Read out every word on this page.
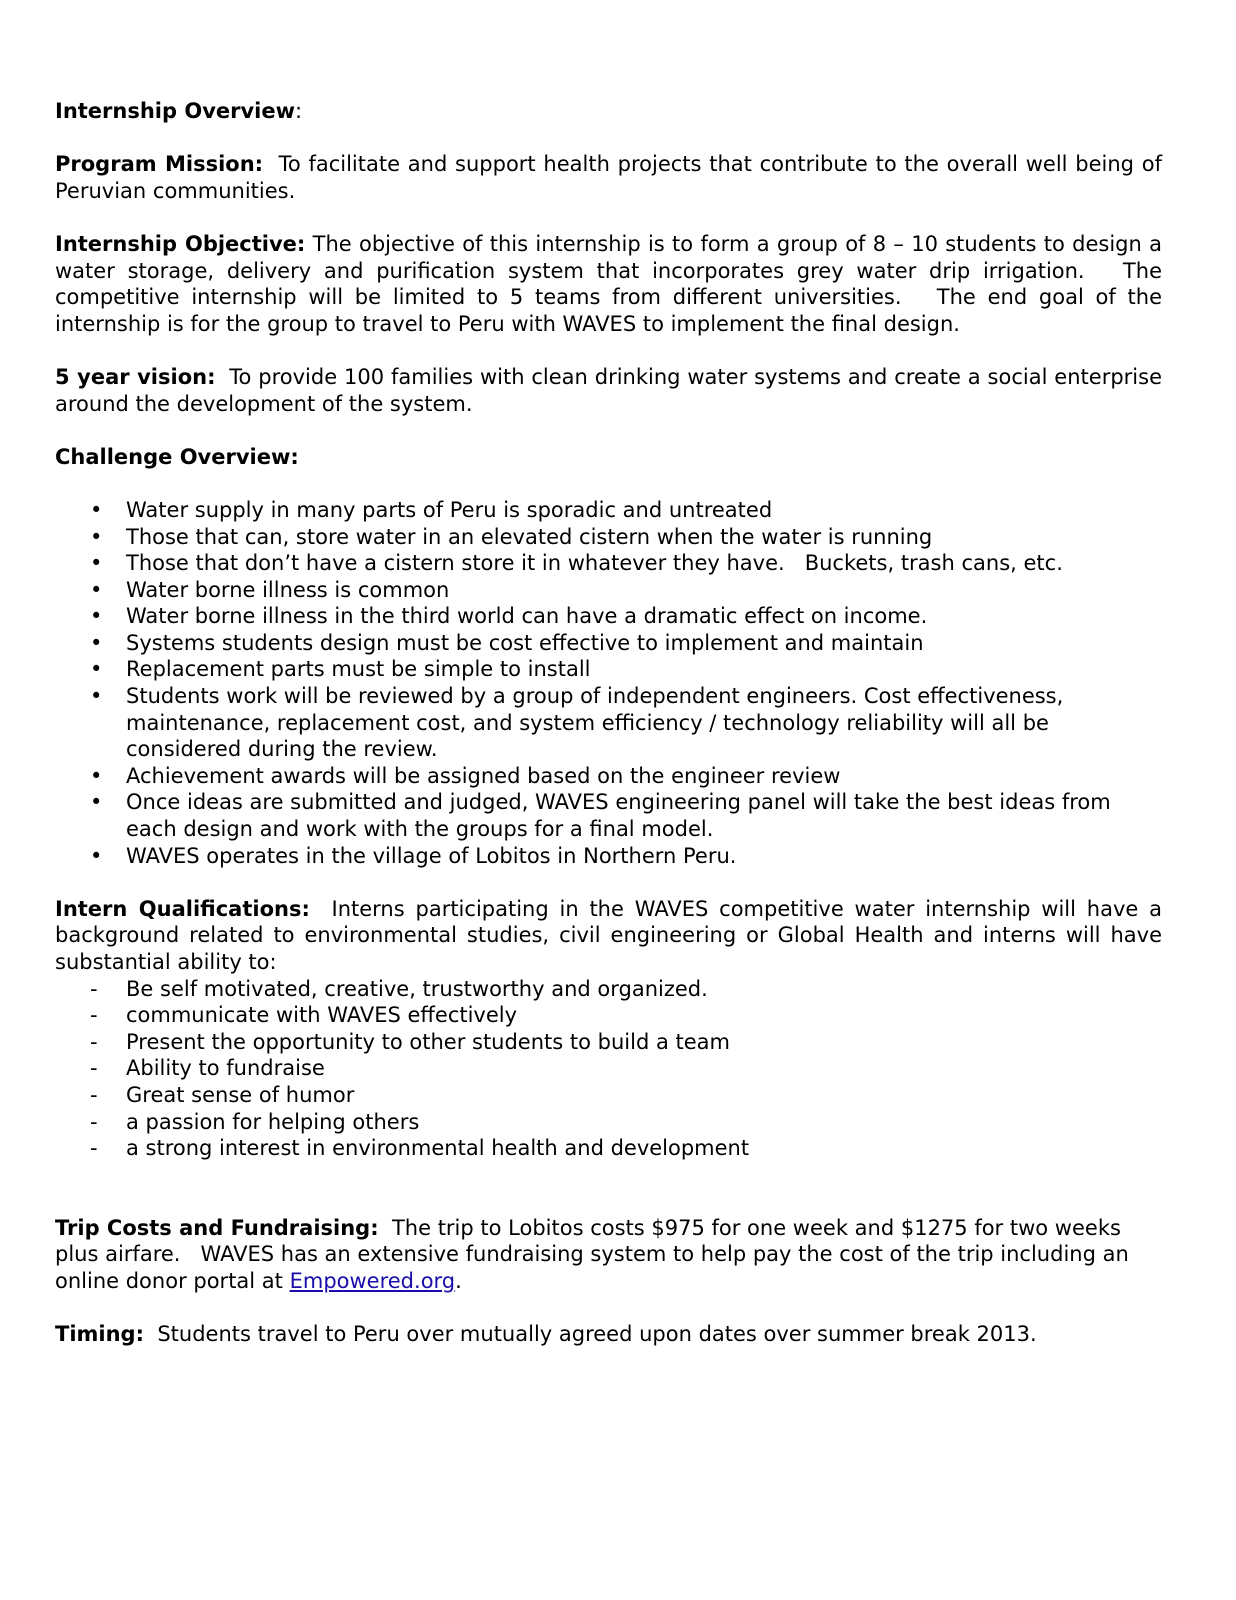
Internship Overview:

Program Mission:  To facilitate and support health projects that contribute to the overall well being of Peruvian communities.

Internship Objective: The objective of this internship is to form a group of 8 – 10 students to design a water storage, delivery and purification system that incorporates grey water drip irrigation.   The competitive internship will be limited to 5 teams from different universities.   The end goal of the internship is for the group to travel to Peru with WAVES to implement the final design.

5 year vision:  To provide 100 families with clean drinking water systems and create a social enterprise around the development of the system.

Challenge Overview:

• Water supply in many parts of Peru is sporadic and untreated
• Those that can, store water in an elevated cistern when the water is running
• Those that don’t have a cistern store it in whatever they have.   Buckets, trash cans, etc.
• Water borne illness is common
• Water borne illness in the third world can have a dramatic effect on income.
• Systems students design must be cost effective to implement and maintain
• Replacement parts must be simple to install
• Students work will be reviewed by a group of independent engineers. Cost effectiveness, maintenance, replacement cost, and system efficiency / technology reliability will all be considered during the review.
• Achievement awards will be assigned based on the engineer review
• Once ideas are submitted and judged, WAVES engineering panel will take the best ideas from each design and work with the groups for a final model.
• WAVES operates in the village of Lobitos in Northern Peru.

Intern Qualifications:  Interns participating in the WAVES competitive water internship will have a background related to environmental studies, civil engineering or Global Health and interns will have substantial ability to:

- Be self motivated, creative, trustworthy and organized.
- communicate with WAVES effectively
- Present the opportunity to other students to build a team
- Ability to fundraise
- Great sense of humor
- a passion for helping others
- a strong interest in environmental health and development

Trip Costs and Fundraising:  The trip to Lobitos costs $975 for one week and $1275 for two weeks plus airfare.   WAVES has an extensive fundraising system to help pay the cost of the trip including an online donor portal at Empowered.org.

Timing:  Students travel to Peru over mutually agreed upon dates over summer break 2013.
